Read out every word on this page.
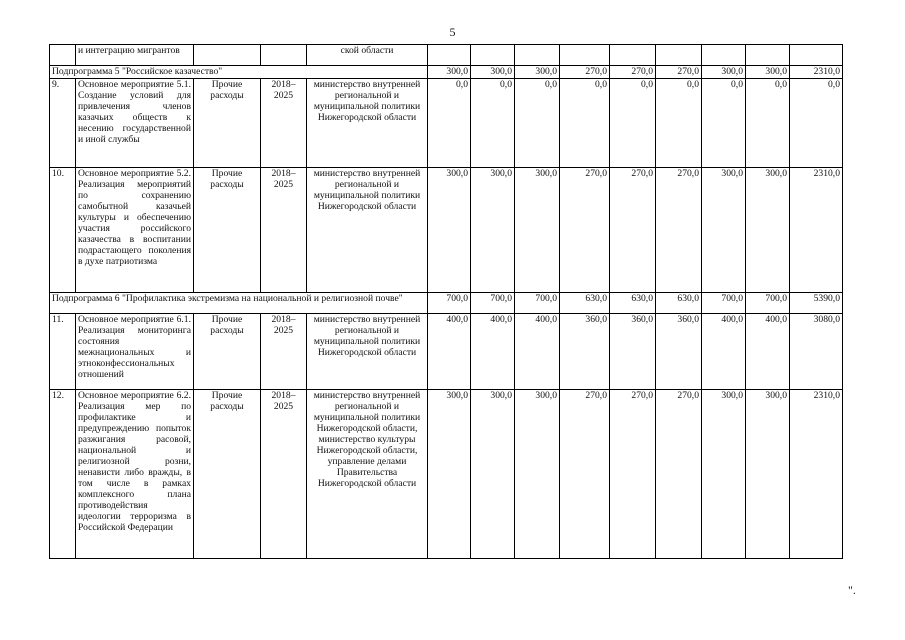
5
	и интеграцию мигрантов			ской области									
Подпрограмма 5 "Российское казачество"					300,0	300,0	300,0	270,0	270,0	270,0	300,0	300,0	2310,0
9.	Основное мероприятие 5.1. Создание условий для привлечения членов казачьих обществ к несению государственной и иной службы	Прочие расходы	2018–2025	министерство внутренней региональной и муниципальной политики Нижегородской области	0,0	0,0	0,0	0,0	0,0	0,0	0,0	0,0	0,0
10.	Основное мероприятие 5.2. Реализация мероприятий по сохранению самобытной казачьей культуры и обеспечению участия российского казачества в воспитании подрастающего поколения в духе патриотизма	Прочие расходы	2018–2025	министерство внутренней региональной и муниципальной политики Нижегородской области	300,0	300,0	300,0	270,0	270,0	270,0	300,0	300,0	2310,0
Подпрограмма 6 "Профилактика экстремизма на национальной и религиозной почве"					700,0	700,0	700,0	630,0	630,0	630,0	700,0	700,0	5390,0
11.	Основное мероприятие 6.1. Реализация мониторинга состояния межнациональных и этноконфессиональных отношений	Прочие расходы	2018–2025	министерство внутренней региональной и муниципальной политики Нижегородской области	400,0	400,0	400,0	360,0	360,0	360,0	400,0	400,0	3080,0
12.	Основное мероприятие 6.2. Реализация мер по профилактике и предупреждению попыток разжигания расовой, национальной и религиозной розни, ненависти либо вражды, в том числе в рамках комплексного плана противодействия идеологии терроризма в Российской Федерации	Прочие расходы	2018–2025	министерство внутренней региональной и муниципальной политики Нижегородской области, министерство культуры Нижегородской области, управление делами Правительства Нижегородской области	300,0	300,0	300,0	270,0	270,0	270,0	300,0	300,0	2310,0
".
